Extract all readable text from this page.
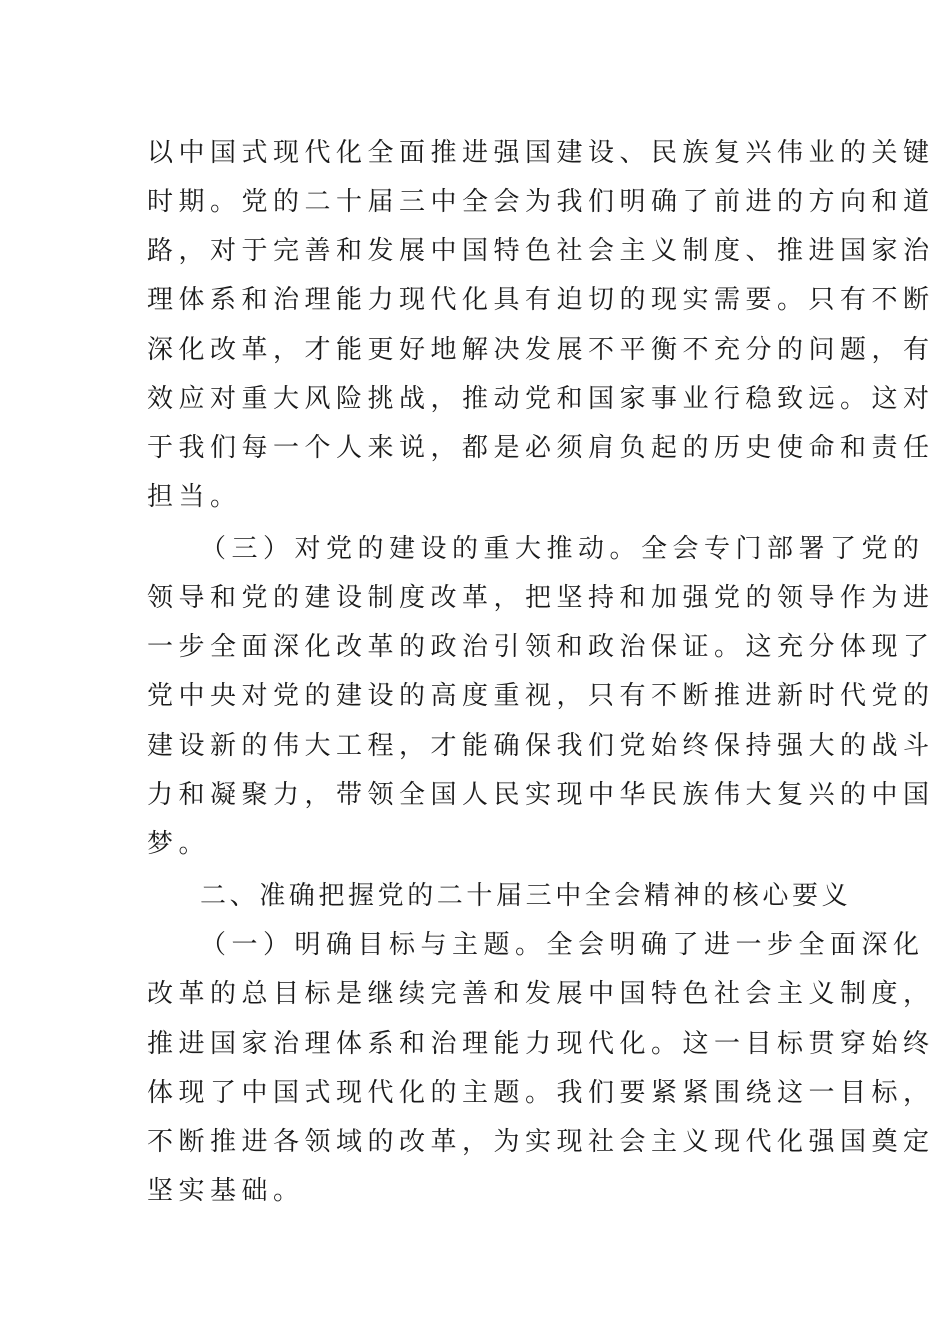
以中国式现代化全面推进强国建设、民族复兴伟业的关键
时期。党的二十届三中全会为我们明确了前进的方向和道
路，对于完善和发展中国特色社会主义制度、推进国家治
理体系和治理能力现代化具有迫切的现实需要。只有不断
深化改革，才能更好地解决发展不平衡不充分的问题，有
效应对重大风险挑战，推动党和国家事业行稳致远。这对
于我们每一个人来说，都是必须肩负起的历史使命和责任
担当。
（三）对党的建设的重大推动。全会专门部署了党的
领导和党的建设制度改革，把坚持和加强党的领导作为进
一步全面深化改革的政治引领和政治保证。这充分体现了
党中央对党的建设的高度重视，只有不断推进新时代党的
建设新的伟大工程，才能确保我们党始终保持强大的战斗
力和凝聚力，带领全国人民实现中华民族伟大复兴的中国
梦。
二、准确把握党的二十届三中全会精神的核心要义
（一）明确目标与主题。全会明确了进一步全面深化
改革的总目标是继续完善和发展中国特色社会主义制度，
推进国家治理体系和治理能力现代化。这一目标贯穿始终
体现了中国式现代化的主题。我们要紧紧围绕这一目标，
不断推进各领域的改革，为实现社会主义现代化强国奠定
坚实基础。
